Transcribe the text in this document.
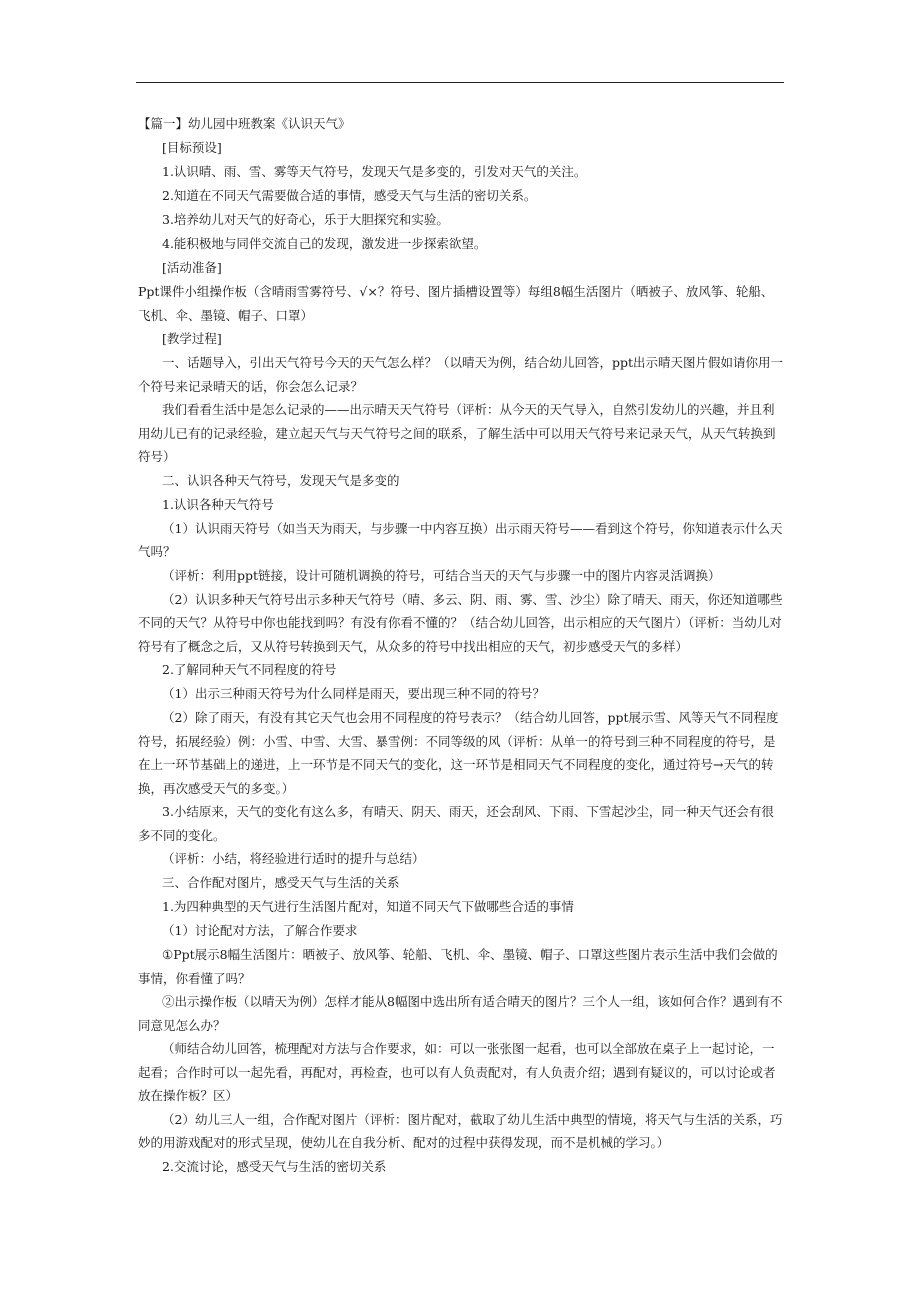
【篇一】幼儿园中班教案《认识天气》

[目标预设]

1.认识晴、雨、雪、雾等天气符号，发现天气是多变的，引发对天气的关注。

2.知道在不同天气需要做合适的事情，感受天气与生活的密切关系。

3.培养幼儿对天气的好奇心，乐于大胆探究和实验。

4.能积极地与同伴交流自己的发现，激发进一步探索欲望。

[活动准备]

Ppt课件小组操作板（含晴雨雪雾符号、√×？符号、图片插槽设置等）每组8幅生活图片（晒被子、放风筝、轮船、飞机、伞、墨镜、帽子、口罩）

[教学过程]

一、话题导入，引出天气符号今天的天气怎么样？（以晴天为例，结合幼儿回答，ppt出示晴天图片假如请你用一个符号来记录晴天的话，你会怎么记录？

我们看看生活中是怎么记录的——出示晴天天气符号（评析：从今天的天气导入，自然引发幼儿的兴趣，并且利用幼儿已有的记录经验，建立起天气与天气符号之间的联系，了解生活中可以用天气符号来记录天气，从天气转换到符号）

二、认识各种天气符号，发现天气是多变的

1.认识各种天气符号

（1）认识雨天符号（如当天为雨天，与步骤一中内容互换）出示雨天符号——看到这个符号，你知道表示什么天气吗？

（评析：利用ppt链接，设计可随机调换的符号，可结合当天的天气与步骤一中的图片内容灵活调换）

（2）认识多种天气符号出示多种天气符号（晴、多云、阴、雨、雾、雪、沙尘）除了晴天、雨天，你还知道哪些不同的天气？从符号中你也能找到吗？有没有你看不懂的？（结合幼儿回答，出示相应的天气图片）（评析：当幼儿对符号有了概念之后，又从符号转换到天气，从众多的符号中找出相应的天气，初步感受天气的多样）

2.了解同种天气不同程度的符号

（1）出示三种雨天符号为什么同样是雨天，要出现三种不同的符号？

（2）除了雨天，有没有其它天气也会用不同程度的符号表示？（结合幼儿回答，ppt展示雪、风等天气不同程度符号，拓展经验）例：小雪、中雪、大雪、暴雪例：不同等级的风（评析：从单一的符号到三种不同程度的符号，是在上一环节基础上的递进，上一环节是不同天气的变化，这一环节是相同天气不同程度的变化，通过符号→天气的转换，再次感受天气的多变。）

3.小结原来，天气的变化有这么多，有晴天、阴天、雨天，还会刮风、下雨、下雪起沙尘，同一种天气还会有很多不同的变化。

（评析：小结，将经验进行适时的提升与总结）

三、合作配对图片，感受天气与生活的关系

1.为四种典型的天气进行生活图片配对，知道不同天气下做哪些合适的事情

（1）讨论配对方法，了解合作要求

①Ppt展示8幅生活图片：晒被子、放风筝、轮船、飞机、伞、墨镜、帽子、口罩这些图片表示生活中我们会做的事情，你看懂了吗？

②出示操作板（以晴天为例）怎样才能从8幅图中选出所有适合晴天的图片？三个人一组，该如何合作？遇到有不同意见怎么办？

（师结合幼儿回答，梳理配对方法与合作要求，如：可以一张张图一起看，也可以全部放在桌子上一起讨论，一起看；合作时可以一起先看，再配对，再检查，也可以有人负责配对，有人负责介绍；遇到有疑议的，可以讨论或者放在操作板？区）

（2）幼儿三人一组，合作配对图片（评析：图片配对，截取了幼儿生活中典型的情境，将天气与生活的关系，巧妙的用游戏配对的形式呈现，使幼儿在自我分析、配对的过程中获得发现，而不是机械的学习。）

2.交流讨论，感受天气与生活的密切关系
